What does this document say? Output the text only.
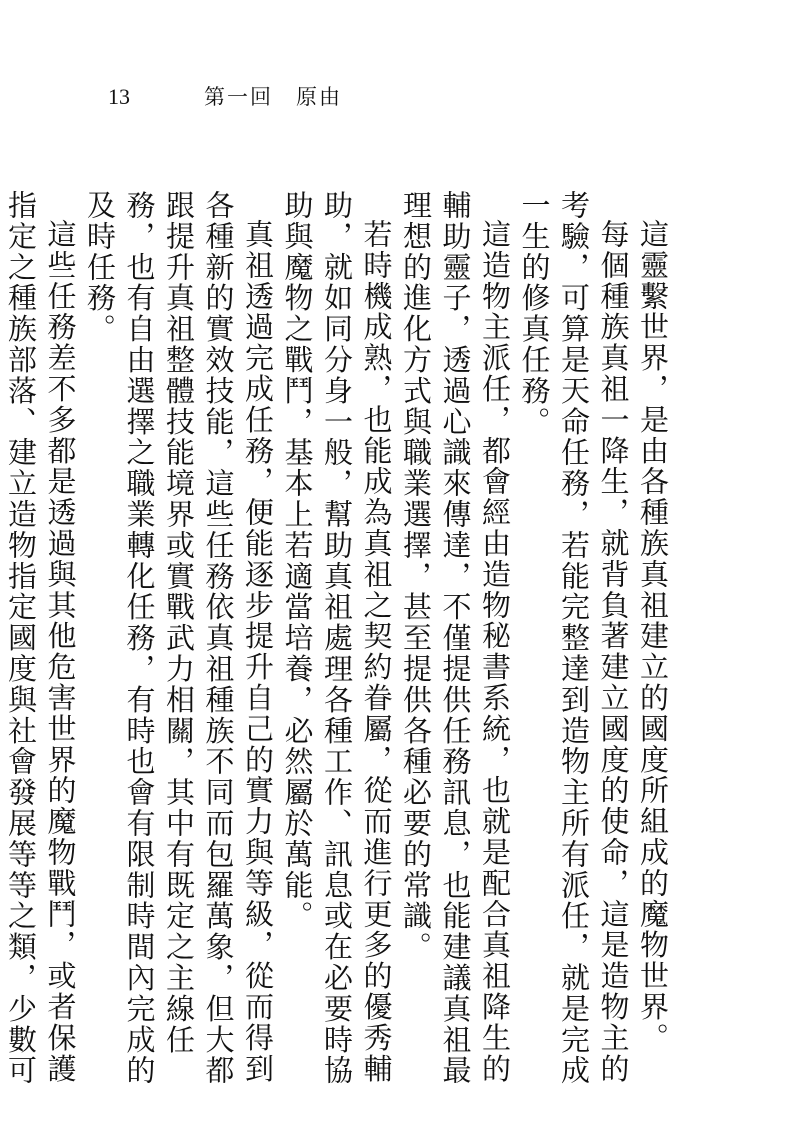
13	第一回　原由

這靈繫世界，是由各種族真祖建立的國度所組成的魔物世界。

每個種族真祖一降生，就背負著建立國度的使命，這是造物主的考驗，可算是天命任務，若能完整達到造物主所有派任，就是完成一生的修真任務。

這造物主派任，都會經由造物秘書系統，也就是配合真祖降生的輔助靈子，透過心識來傳達，不僅提供任務訊息，也能建議真祖最理想的進化方式與職業選擇，甚至提供各種必要的常識。

若時機成熟，也能成為真祖之契約眷屬，從而進行更多的優秀輔助，就如同分身一般，幫助真祖處理各種工作、訊息或在必要時協助與魔物之戰鬥，基本上若適當培養，必然屬於萬能。

真祖透過完成任務，便能逐步提升自己的實力與等級，從而得到各種新的實效技能，這些任務依真祖種族不同而包羅萬象，但大都跟提升真祖整體技能境界或實戰武力相關，其中有既定之主線任務，也有自由選擇之職業轉化任務，有時也會有限制時間內完成的及時任務。

這些任務差不多都是透過與其他危害世界的魔物戰鬥，或者保護指定之種族部落、建立造物指定國度與社會發展等等之類，少數可
